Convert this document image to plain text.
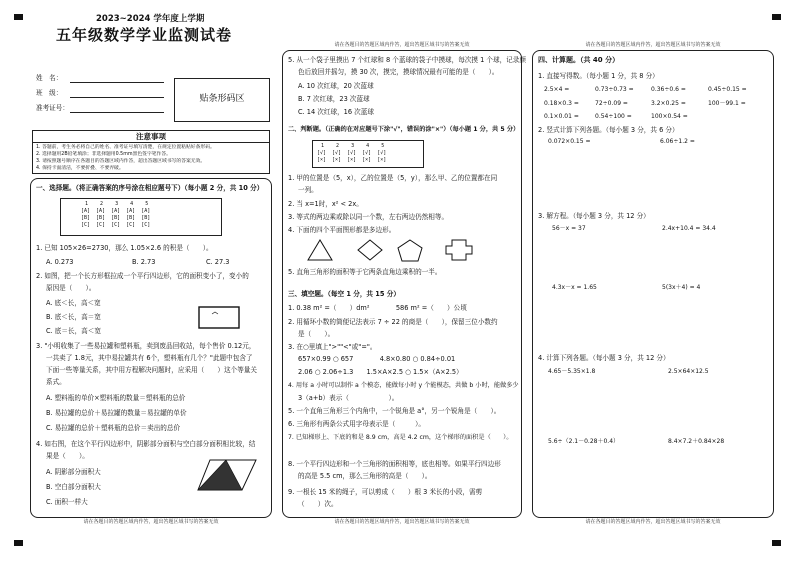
2023~2024 学年度上学期
五年级数学学业监测试卷
姓　名：
班　级：
准考证号：
贴条形码区
注意事项
1. 答题前，考生务必将自己的姓名、准考证号填写清楚，在规定位置粘贴好条形码。
2. 选择题用2B铅笔填涂；非选择题用0.5mm黑色签字笔作答。
3. 请按照题号顺序在各题目的答题区域内作答，超出答题区域书写的答案无效。
4. 保持卡面清洁，不要折叠、不要弄破。
一、选择题。（将正确答案的序号涂在相应题号下）（每小题 2 分，共 10 分）
1    2    3    4    5
[A]  [A]  [A]  [A]  [A]
[B]  [B]  [B]  [B]  [B]
[C]  [C]  [C]  [C]  [C]
1. 已知 105×26=2730，那么 1.05×2.6 的积是（　　）。
A. 0.273	B. 2.73	C. 27.3
2. 如图，把一个长方形框拉成一个平行四边形，它的面积变小了，变小的
原因是（　　）。
A. 底＜长，高＜宽
B. 底＜长，高＝宽
C. 底＝长，高＜宽
3. "小明收集了一些易拉罐和塑料瓶，卖到废品回收站，每个售价 0.12元，
一共卖了 1.8元，其中易拉罐共有 6个，塑料瓶有几个？"此题中包含了
下面一些等量关系，其中用方程解决问题时，应采用（　　）这个等量关
系式。
A. 塑料瓶的单价×塑料瓶的数量＝塑料瓶的总价
B. 易拉罐的总价＋易拉罐的数量＝易拉罐的单价
C. 易拉罐的总价＋塑料瓶的总价＝卖出的总价
4. 如右图，在这个平行四边形中，阴影部分面积与空白部分面积相比较，结
果是（　　）。
A. 阴影部分面积大
B. 空白部分面积大
C. 面积一样大
请在各题目的答题区域内作答，超出答题区域书写的答案无效
请在各题目的答题区域内作答，超出答题区域书写的答案无效
5. 从一个袋子里摸出 7 个红球和 8 个蓝球的袋子中摸球，每次摸 1 个球，记录颜
色后放回并摇匀，摸 30 次，摸完，摸球情况最有可能的是（　　）。
A. 10 次红球，20 次蓝球
B. 7 次红球，23 次蓝球
C. 14 次红球，16 次蓝球
二、判断题。（正确的在对应题号下涂"√"，错误的涂"×"）（每小题 1 分，共 5 分）
1    2    3    4    5
[√]  [√]  [√]  [√]  [√]
[×]  [×]  [×]  [×]  [×]
1. 甲的位置是（5，x），乙的位置是（5，y），那么甲、乙的位置都在同
一列。
2. 当 x=1时，x² < 2x。
3. 等式的两边乘或除以同一个数，左右两边仍然相等。
4. 下面的四个平面图形都是多边形。
5. 直角三角形的面积等于它两条直角边乘积的一半。
三、填空题。（每空 1 分，共 15 分）
1. 0.38 m² =（　　）dm²　　　　586 m² =（　　）公顷
2. 用循环小数的简便记法表示 7 ÷ 22 的商是（　　），保留三位小数约
是（　　）。
3. 在○里填上">""<"或"="。
657×0.99 ○ 657　　　　4.8×0.80 ○ 0.84÷0.01
2.06 ○ 2.06÷1.3　　1.5×A×2.5 ○ 1.5×（A×2.5）
4. 用每 a 小时可以制作 a 个模态，能做每小时 y 个能模态，共做 b 小时，能做多少
3（a+b）表示（　　　　　　）。
5. 一个直角三角形三个内角中，一个锐角是 a°，另一个锐角是（　　）。
6. 三角形有两条公式用字母表示是（　　　）。
7. 已知梯形上、下底的和是 8.9 cm，高是 4.2 cm，这个梯形的面积是（　　）。
8. 一个平行四边形和一个三角形的面积相等，底也相等。如果平行四边形
的高是 5.5 cm，那么三角形的高是（　　）。
9. 一根长 15 米的绳子，可以剪成（　　）根 3 米长的小段，需剪
（　　）次。
请在各题目的答题区域内作答，超出答题区域书写的答案无效
请在各题目的答题区域内作答，超出答题区域书写的答案无效
四、计算题。（共 40 分）
1. 直接写得数。（每小题 1 分，共 8 分）
2.5×4 =	0.73÷0.73 =	0.36÷0.6 =	0.45÷0.15 =
0.18×0.3 =	72÷0.09 =	3.2×0.25 =	100－99.1 =
0.1×0.01 =	0.54÷100 =	100×0.54 =
2. 竖式计算下列各题。（每小题 3 分，共 6 分）
0.072×0.15 =	6.06÷1.2 =
3. 解方程。（每小题 3 分，共 12 分）
56－x = 37	2.4x+10.4 = 34.4
4.3x－x = 1.65	5(3x＋4) = 4
4. 计算下列各题。（每小题 3 分，共 12 分）
4.65－5.35×1.8	2.5×64×12.5
5.6÷（2.1－0.28＋0.4）	8.4×7.2＋0.84×28
请在各题目的答题区域内作答，超出答题区域书写的答案无效
